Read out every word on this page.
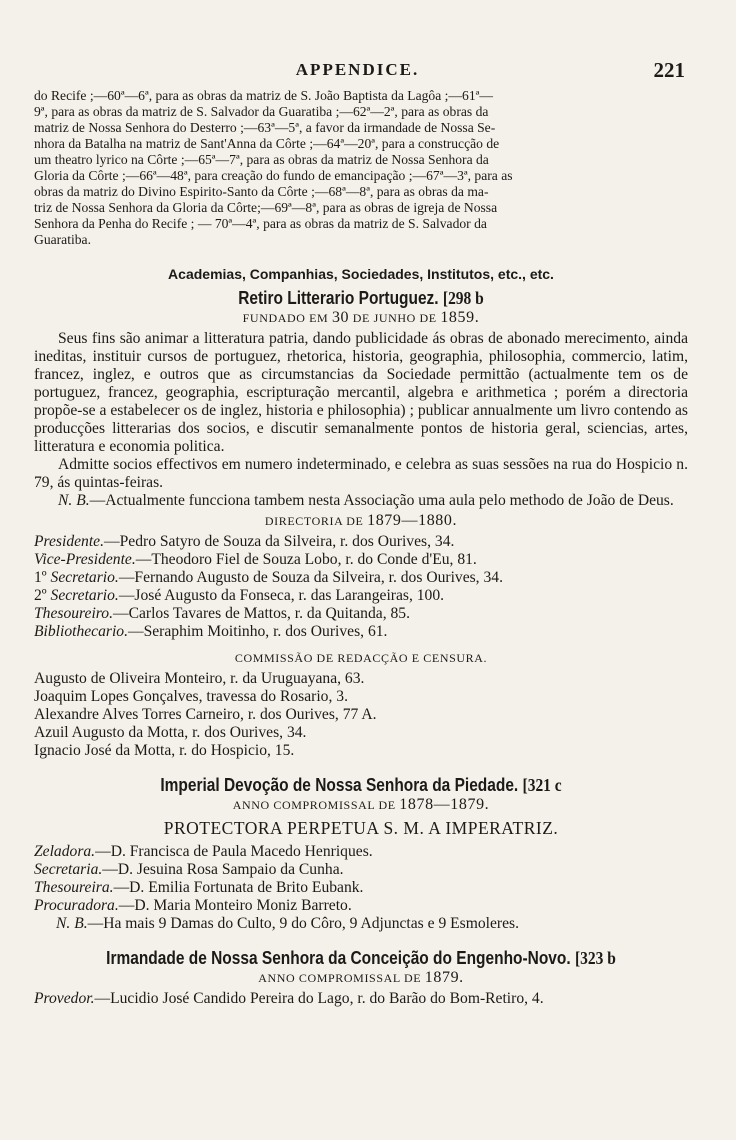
APPENDICE.	221
do Recife ;—60ª—6ª, para as obras da matriz de S. João Baptista da Lagôa ;—61ª—
9ª, para as obras da matriz de S. Salvador da Guaratiba ;—62ª—2ª, para as obras da
matriz de Nossa Senhora do Desterro ;—63ª—5ª, a favor da irmandade de Nossa Se-
nhora da Batalha na matriz de Sant'Anna da Côrte ;—64ª—20ª, para a construcção de
um theatro lyrico na Côrte ;—65ª—7ª, para as obras da matriz de Nossa Senhora da
Gloria da Côrte ;—66ª—48ª, para creação do fundo de emancipação ;—67ª—3ª, para as
obras da matriz do Divino Espirito-Santo da Côrte ;—68ª—8ª, para as obras da ma-
triz de Nossa Senhora da Gloria da Côrte;—69ª—8ª, para as obras de igreja de Nossa
Senhora da Penha do Recife ; — 70ª—4ª, para as obras da matriz de S. Salvador da
Guaratiba.
Academias, Companhias, Sociedades, Institutos, etc., etc.
Retiro Litterario Portuguez. [298 b
FUNDADO EM 30 DE JUNHO DE 1859.

Seus fins são animar a litteratura patria, dando publicidade ás obras de abonado merecimento, ainda ineditas, instituir cursos de portuguez, rhetorica, historia, geographia, philosophia, commercio, latim, francez, inglez, e outros que as circumstancias da Sociedade permittão (actualmente tem os de portuguez, francez, geographia, escripturação mercantil, algebra e arithmetica ; porém a directoria propõe-se a estabelecer os de inglez, historia e philosophia) ; publicar annualmente um livro contendo as producções litterarias dos socios, e discutir semanalmente pontos de historia geral, sciencias, artes, litteratura e economia politica.

Admitte socios effectivos em numero indeterminado, e celebra as suas sessões na rua do Hospicio n. 79, ás quintas-feiras.

N. B.—Actualmente funcciona tambem nesta Associação uma aula pelo methodo de João de Deus.

DIRECTORIA DE 1879—1880.
Presidente.—Pedro Satyro de Souza da Silveira, r. dos Ourives, 34.
Vice-Presidente.—Theodoro Fiel de Souza Lobo, r. do Conde d'Eu, 81.
1º Secretario.—Fernando Augusto de Souza da Silveira, r. dos Ourives, 34.
2º Secretario.—José Augusto da Fonseca, r. das Larangeiras, 100.
Thesoureiro.—Carlos Tavares de Mattos, r. da Quitanda, 85.
Bibliothecario.—Seraphim Moitinho, r. dos Ourives, 61.
COMMISSÃO DE REDACÇÃO E CENSURA.
Augusto de Oliveira Monteiro, r. da Uruguayana, 63.
Joaquim Lopes Gonçalves, travessa do Rosario, 3.
Alexandre Alves Torres Carneiro, r. dos Ourives, 77 A.
Azuil Augusto da Motta, r. dos Ourives, 34.
Ignacio José da Motta, r. do Hospicio, 15.
Imperial Devoção de Nossa Senhora da Piedade. [321 c
ANNO COMPROMISSAL DE 1878—1879.
PROTECTORA PERPETUA S. M. A IMPERATRIZ.
Zeladora.—D. Francisca de Paula Macedo Henriques.
Secretaria.—D. Jesuina Rosa Sampaio da Cunha.
Thesoureira.—D. Emilia Fortunata de Brito Eubank.
Procuradora.—D. Maria Monteiro Moniz Barreto.
N. B.—Ha mais 9 Damas do Culto, 9 do Côro, 9 Adjunctas e 9 Esmoleres.
Irmandade de Nossa Senhora da Conceição do Engenho-Novo. [323 b
ANNO COMPROMISSAL DE 1879.
Provedor.—Lucidio José Candido Pereira do Lago, r. do Barão do Bom-Retiro, 4.
